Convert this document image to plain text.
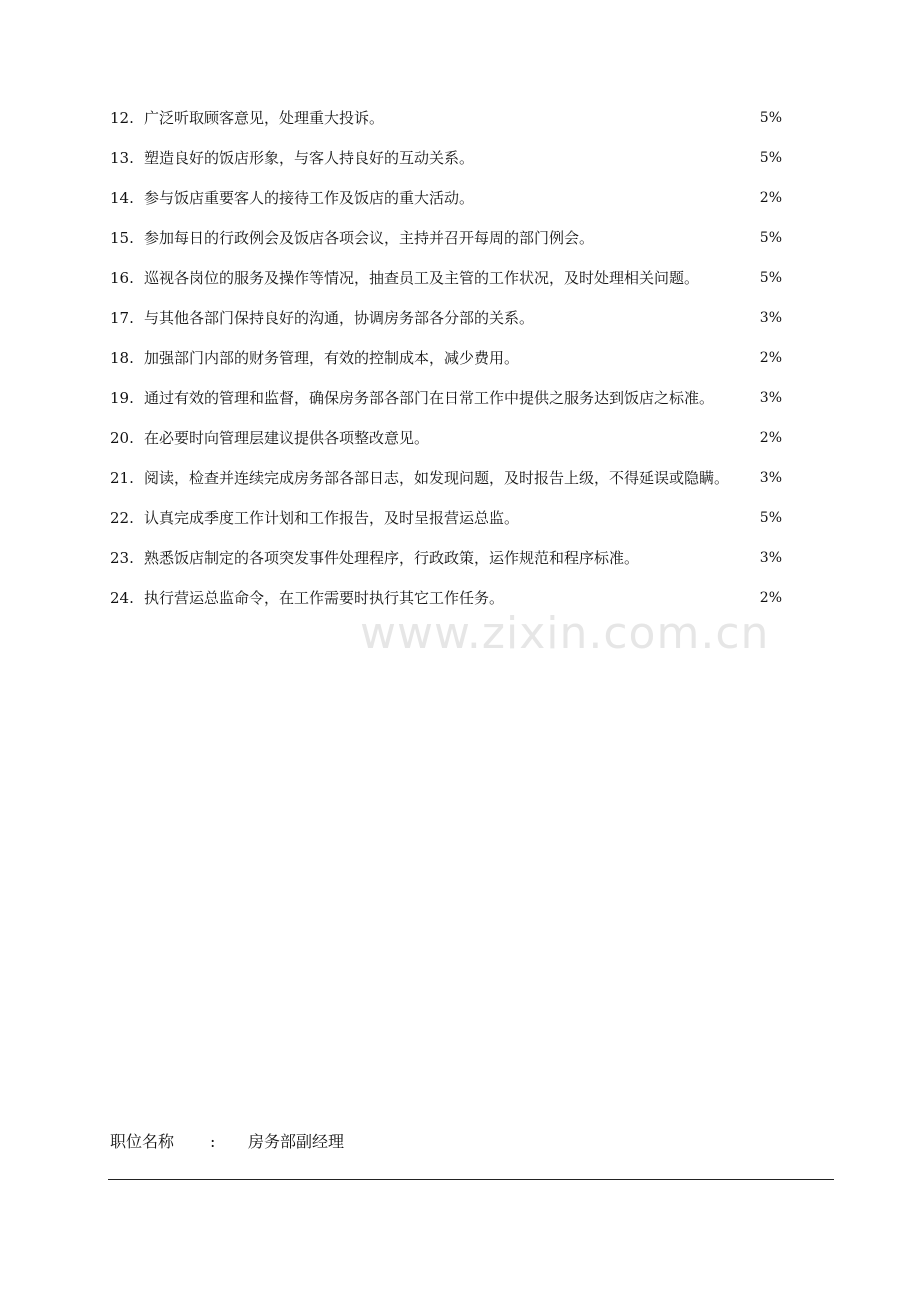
www.zixin.com.cn
12. 广泛听取顾客意见，处理重大投诉。	5%
13. 塑造良好的饭店形象，与客人持良好的互动关系。	5%
14. 参与饭店重要客人的接待工作及饭店的重大活动。	2%
15. 参加每日的行政例会及饭店各项会议，主持并召开每周的部门例会。	5%
16. 巡视各岗位的服务及操作等情况，抽查员工及主管的工作状况，及时处理相关问题。	5%
17. 与其他各部门保持良好的沟通，协调房务部各分部的关系。	3%
18. 加强部门内部的财务管理，有效的控制成本，减少费用。	2%
19. 通过有效的管理和监督，确保房务部各部门在日常工作中提供之服务达到饭店之标准。	3%
20. 在必要时向管理层建议提供各项整改意见。	2%
21. 阅读，检查并连续完成房务部各部日志，如发现问题，及时报告上级，不得延误或隐瞒。	3%
22. 认真完成季度工作计划和工作报告，及时呈报营运总监。	5%
23. 熟悉饭店制定的各项突发事件处理程序，行政政策，运作规范和程序标准。	3%
24. 执行营运总监命令，在工作需要时执行其它工作任务。	2%
职位名称 : 房务部副经理
